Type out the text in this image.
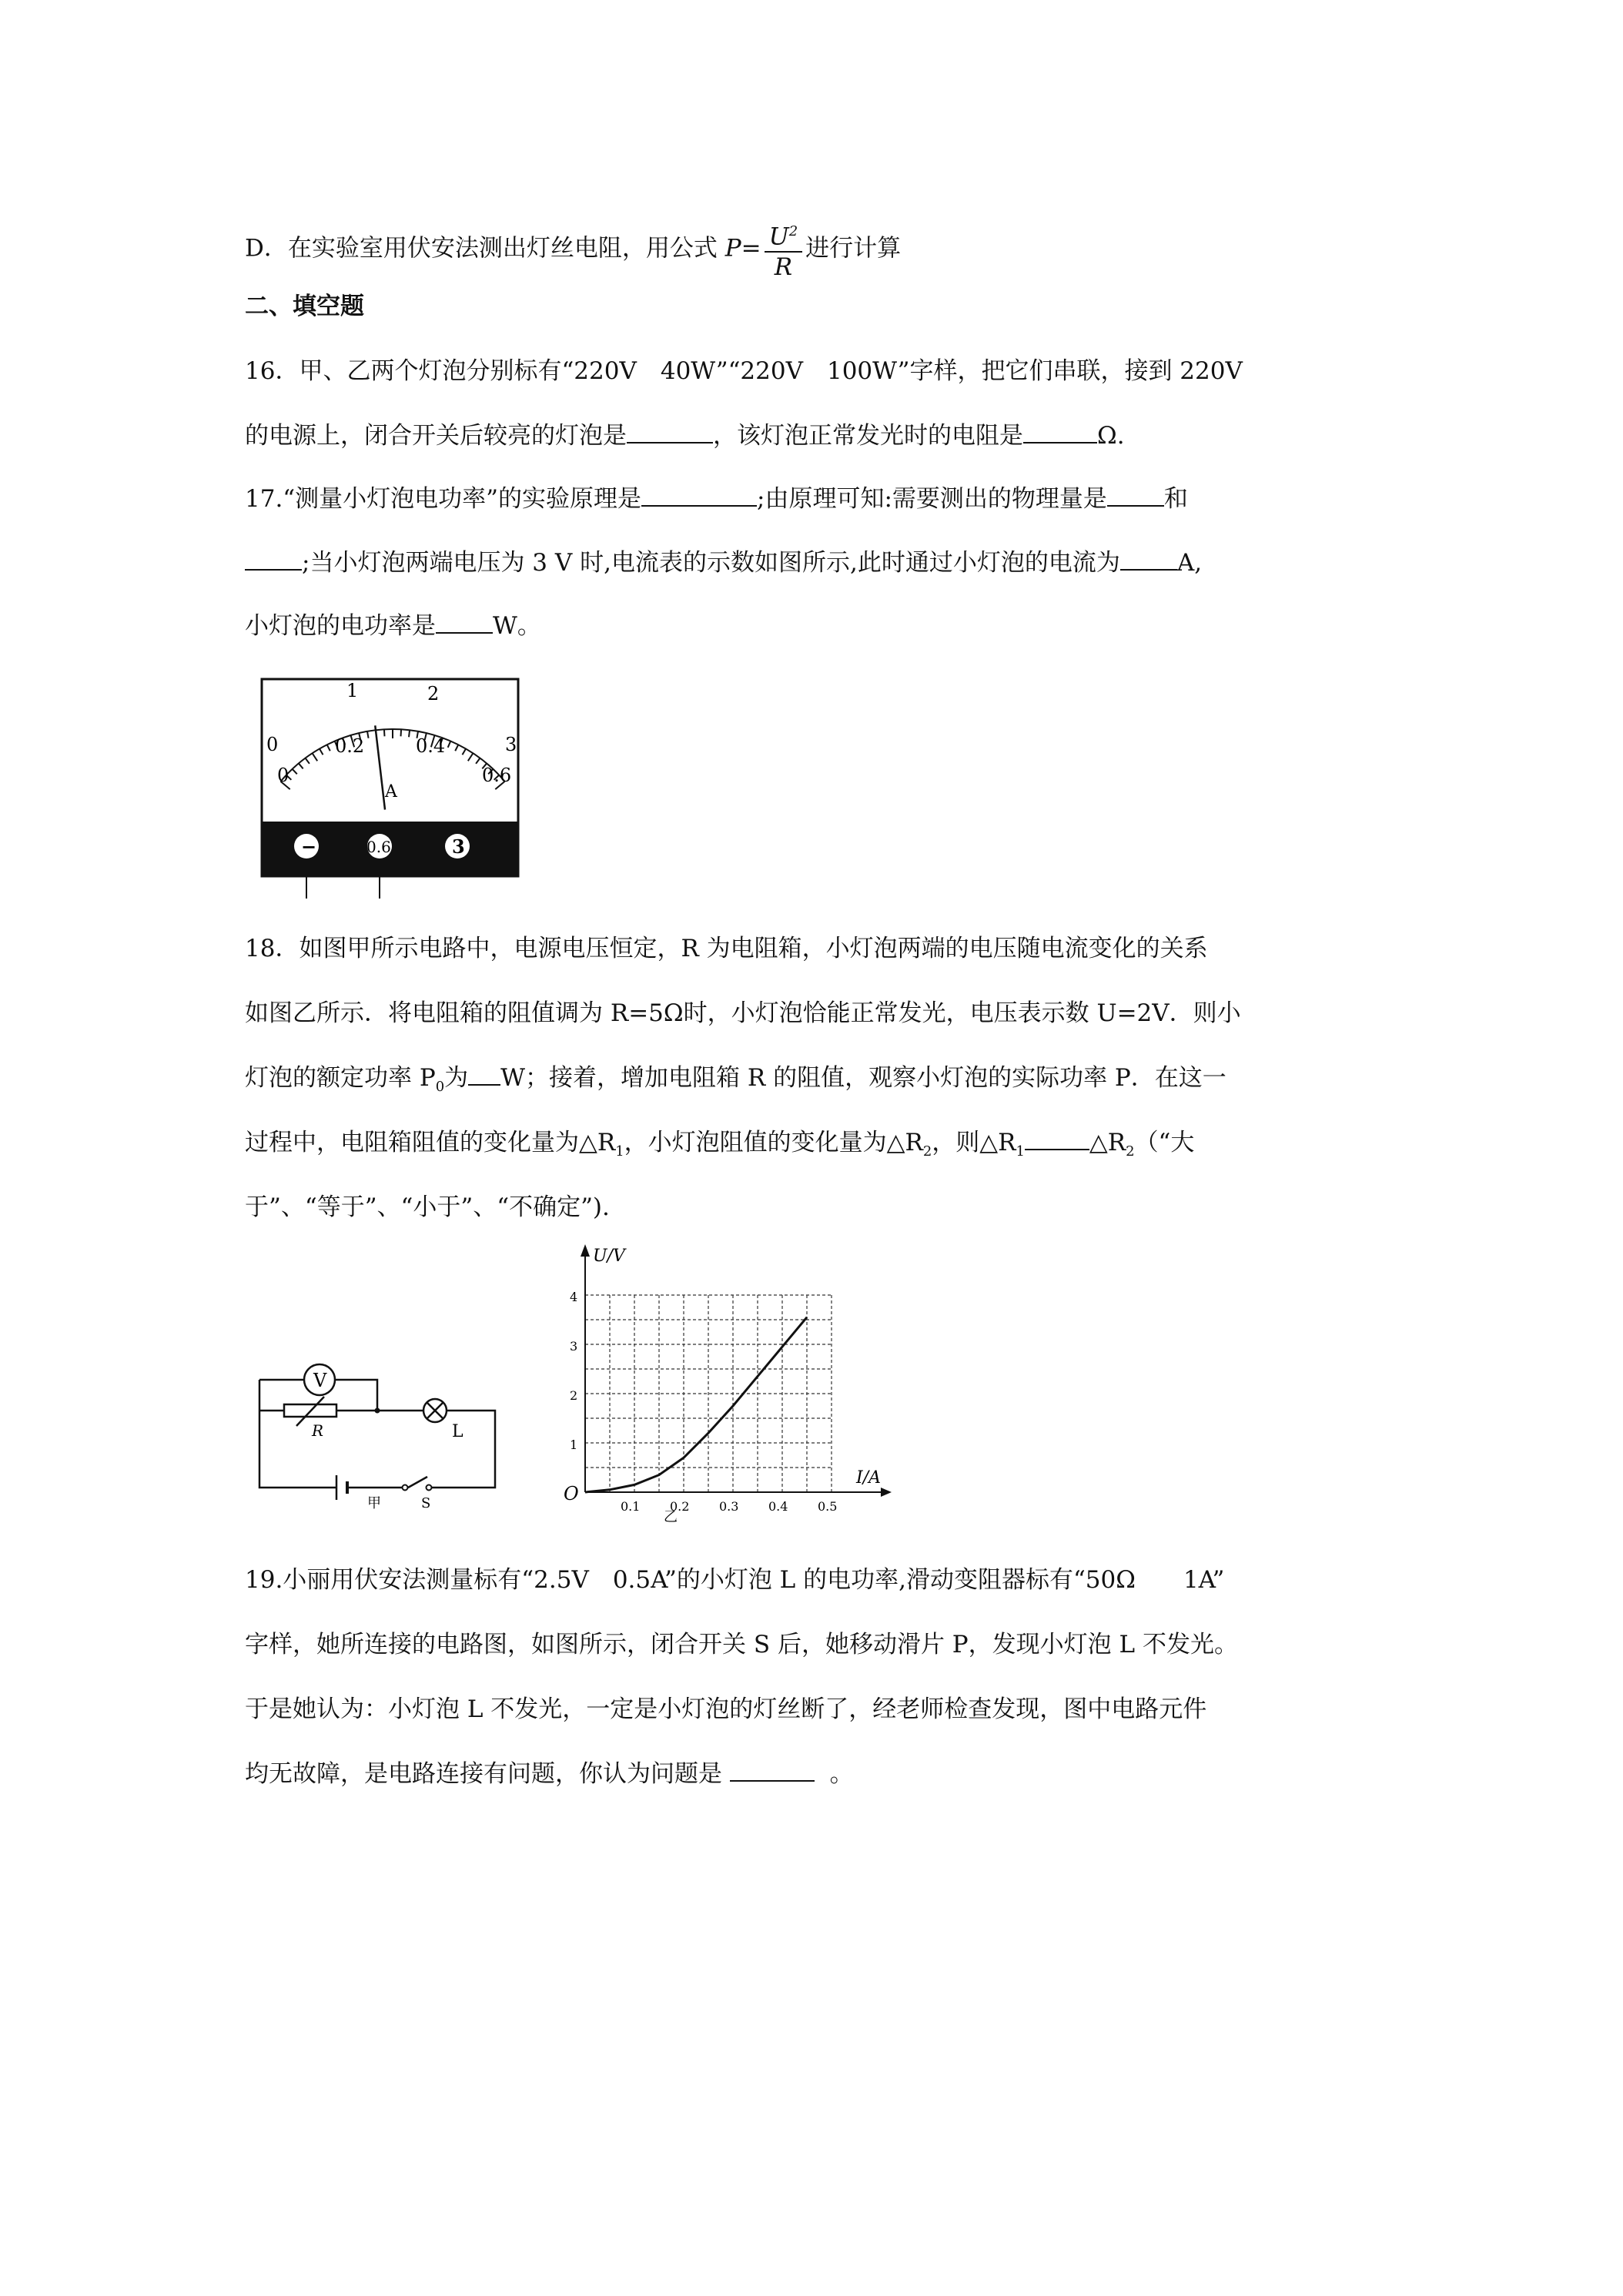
D．在实验室用伏安法测出灯丝电阻，用公式 $P= \frac{U^2}{R}$ 进行计算
二、填空题
16．甲、乙两个灯泡分别标有“220V　40W”“220V　100W”字样，把它们串联，接到 220V
的电源上，闭合开关后较亮的灯泡是	，该灯泡正常发光时的电阻是	Ω.
17.“测量小灯泡电功率”的实验原理是	;由原理可知:需要测出的物理量是 和
;当小灯泡两端电压为 3 V 时,电流表的示数如图所示,此时通过小灯泡的电流为 A,
小灯泡的电功率是 W。
0
1	2
3
0
0.2	0.4
0.6
A
−	0.6	3
18．如图甲所示电路中，电源电压恒定，R 为电阻箱，小灯泡两端的电压随电流变化的关系
如图乙所示．将电阻箱的阻值调为 R=5Ω时，小灯泡恰能正常发光，电压表示数 U=2V．则小
灯泡的额定功率 $P_0$为 W；接着，增加电阻箱 R 的阻值，观察小灯泡的实际功率 P．在这一
过程中，电阻箱阻值的变化量为$\triangle R_1$，小灯泡阻值的变化量为$\triangle R_2$，则$\triangle R_1$	$\triangle R_2(“$大
于”、“等于”、“小于”、“不确定”).
V
R	L
S
甲
U/V
I/A
O
乙
0.1 0.2 0.3 0.4 0.5
1
2
3
4
19.小丽用伏安法测量标有“2.5V　0.5A”的小灯泡 L 的电功率,滑动变阻器标有“50Ω　　1A”
字样，她所连接的电路图，如图所示，闭合开关 S 后，她移动滑片 P，发现小灯泡 L 不发光。
于是她认为：小灯泡 L 不发光，一定是小灯泡的灯丝断了，经老师检查发现，图中电路元件
均无故障，是电路连接有问题，你认为问题是	。
